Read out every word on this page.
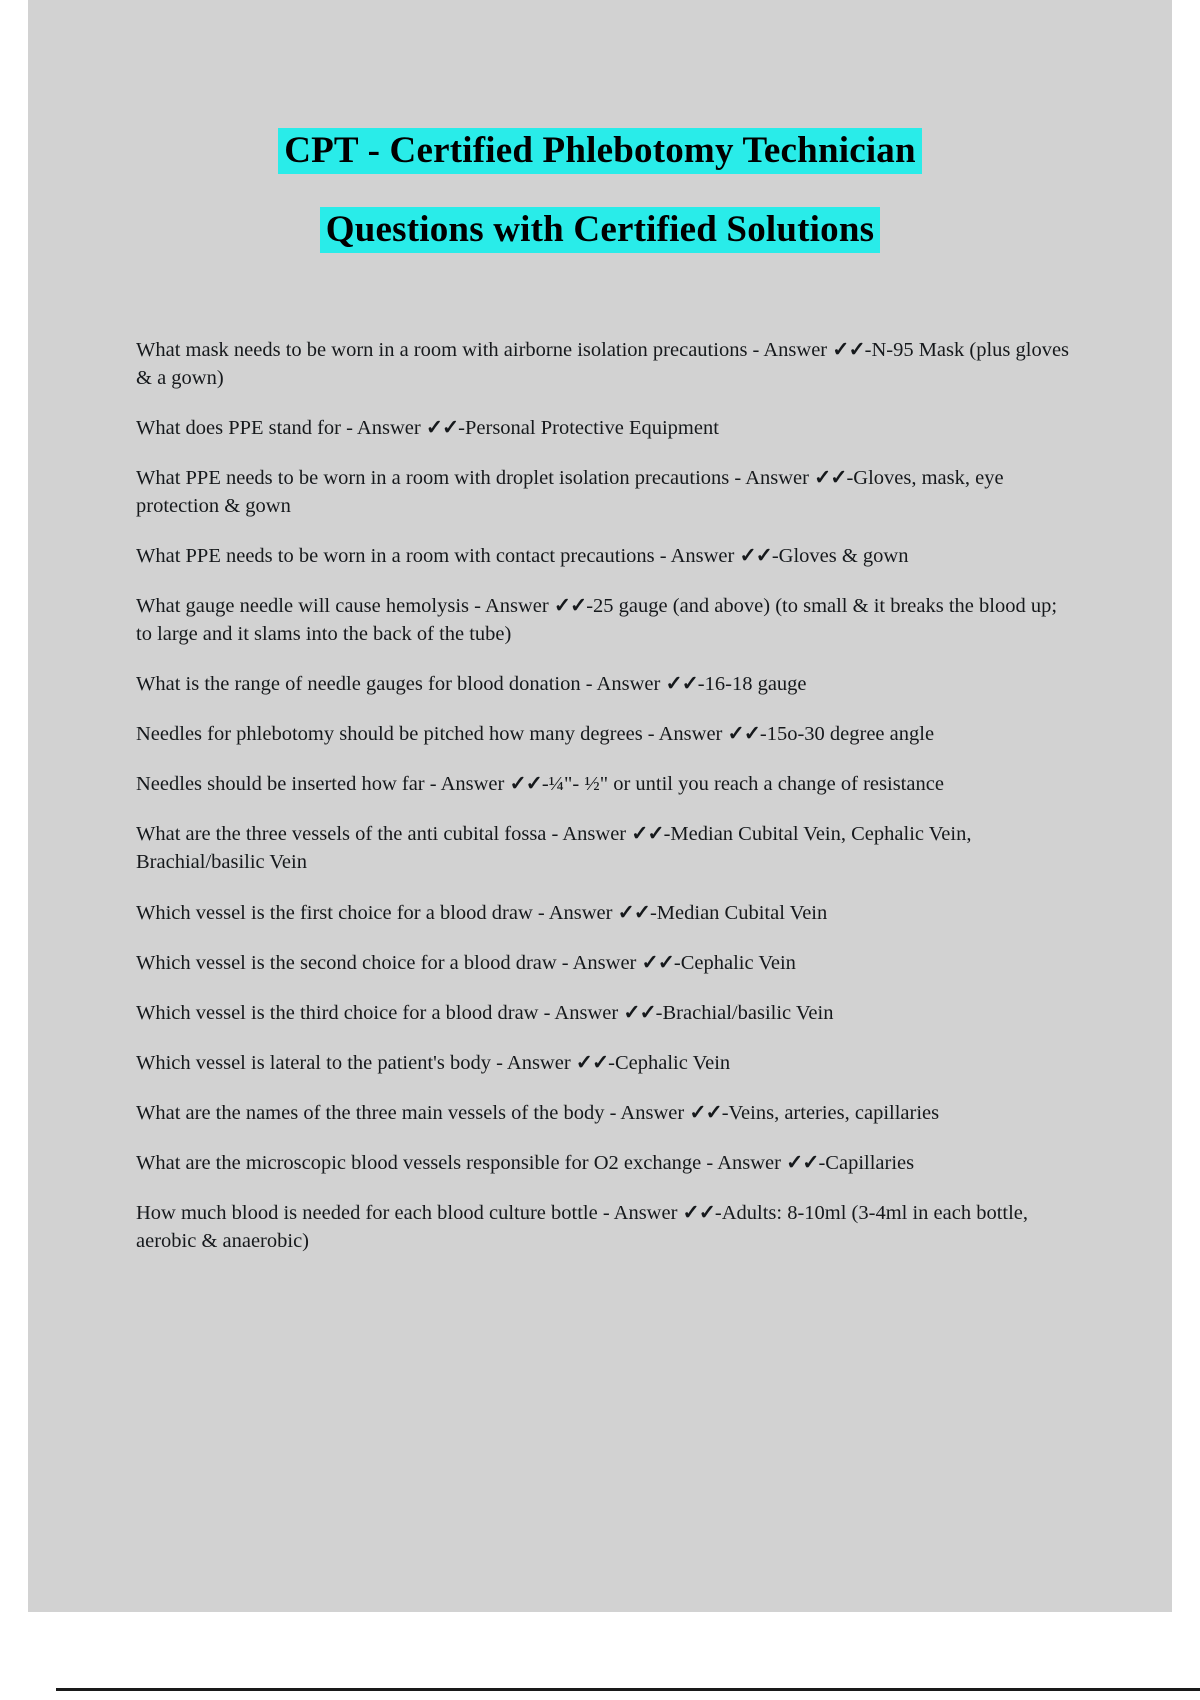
CPT - Certified Phlebotomy Technician
Questions with Certified Solutions

What mask needs to be worn in a room with airborne isolation precautions - Answer ✓✓-N-95 Mask (plus gloves & a gown)

What does PPE stand for - Answer ✓✓-Personal Protective Equipment

What PPE needs to be worn in a room with droplet isolation precautions - Answer ✓✓-Gloves, mask, eye protection & gown

What PPE needs to be worn in a room with contact precautions - Answer ✓✓-Gloves & gown

What gauge needle will cause hemolysis - Answer ✓✓-25 gauge (and above) (to small & it breaks the blood up; to large and it slams into the back of the tube)

What is the range of needle gauges for blood donation - Answer ✓✓-16-18 gauge

Needles for phlebotomy should be pitched how many degrees - Answer ✓✓-15o-30 degree angle

Needles should be inserted how far - Answer ✓✓-¼"- ½" or until you reach a change of resistance

What are the three vessels of the anti cubital fossa - Answer ✓✓-Median Cubital Vein, Cephalic Vein, Brachial/basilic Vein

Which vessel is the first choice for a blood draw - Answer ✓✓-Median Cubital Vein

Which vessel is the second choice for a blood draw - Answer ✓✓-Cephalic Vein

Which vessel is the third choice for a blood draw - Answer ✓✓-Brachial/basilic Vein

Which vessel is lateral to the patient's body - Answer ✓✓-Cephalic Vein

What are the names of the three main vessels of the body - Answer ✓✓-Veins, arteries, capillaries

What are the microscopic blood vessels responsible for O2 exchange - Answer ✓✓-Capillaries

How much blood is needed for each blood culture bottle - Answer ✓✓-Adults: 8-10ml (3-4ml in each bottle, aerobic & anaerobic)
